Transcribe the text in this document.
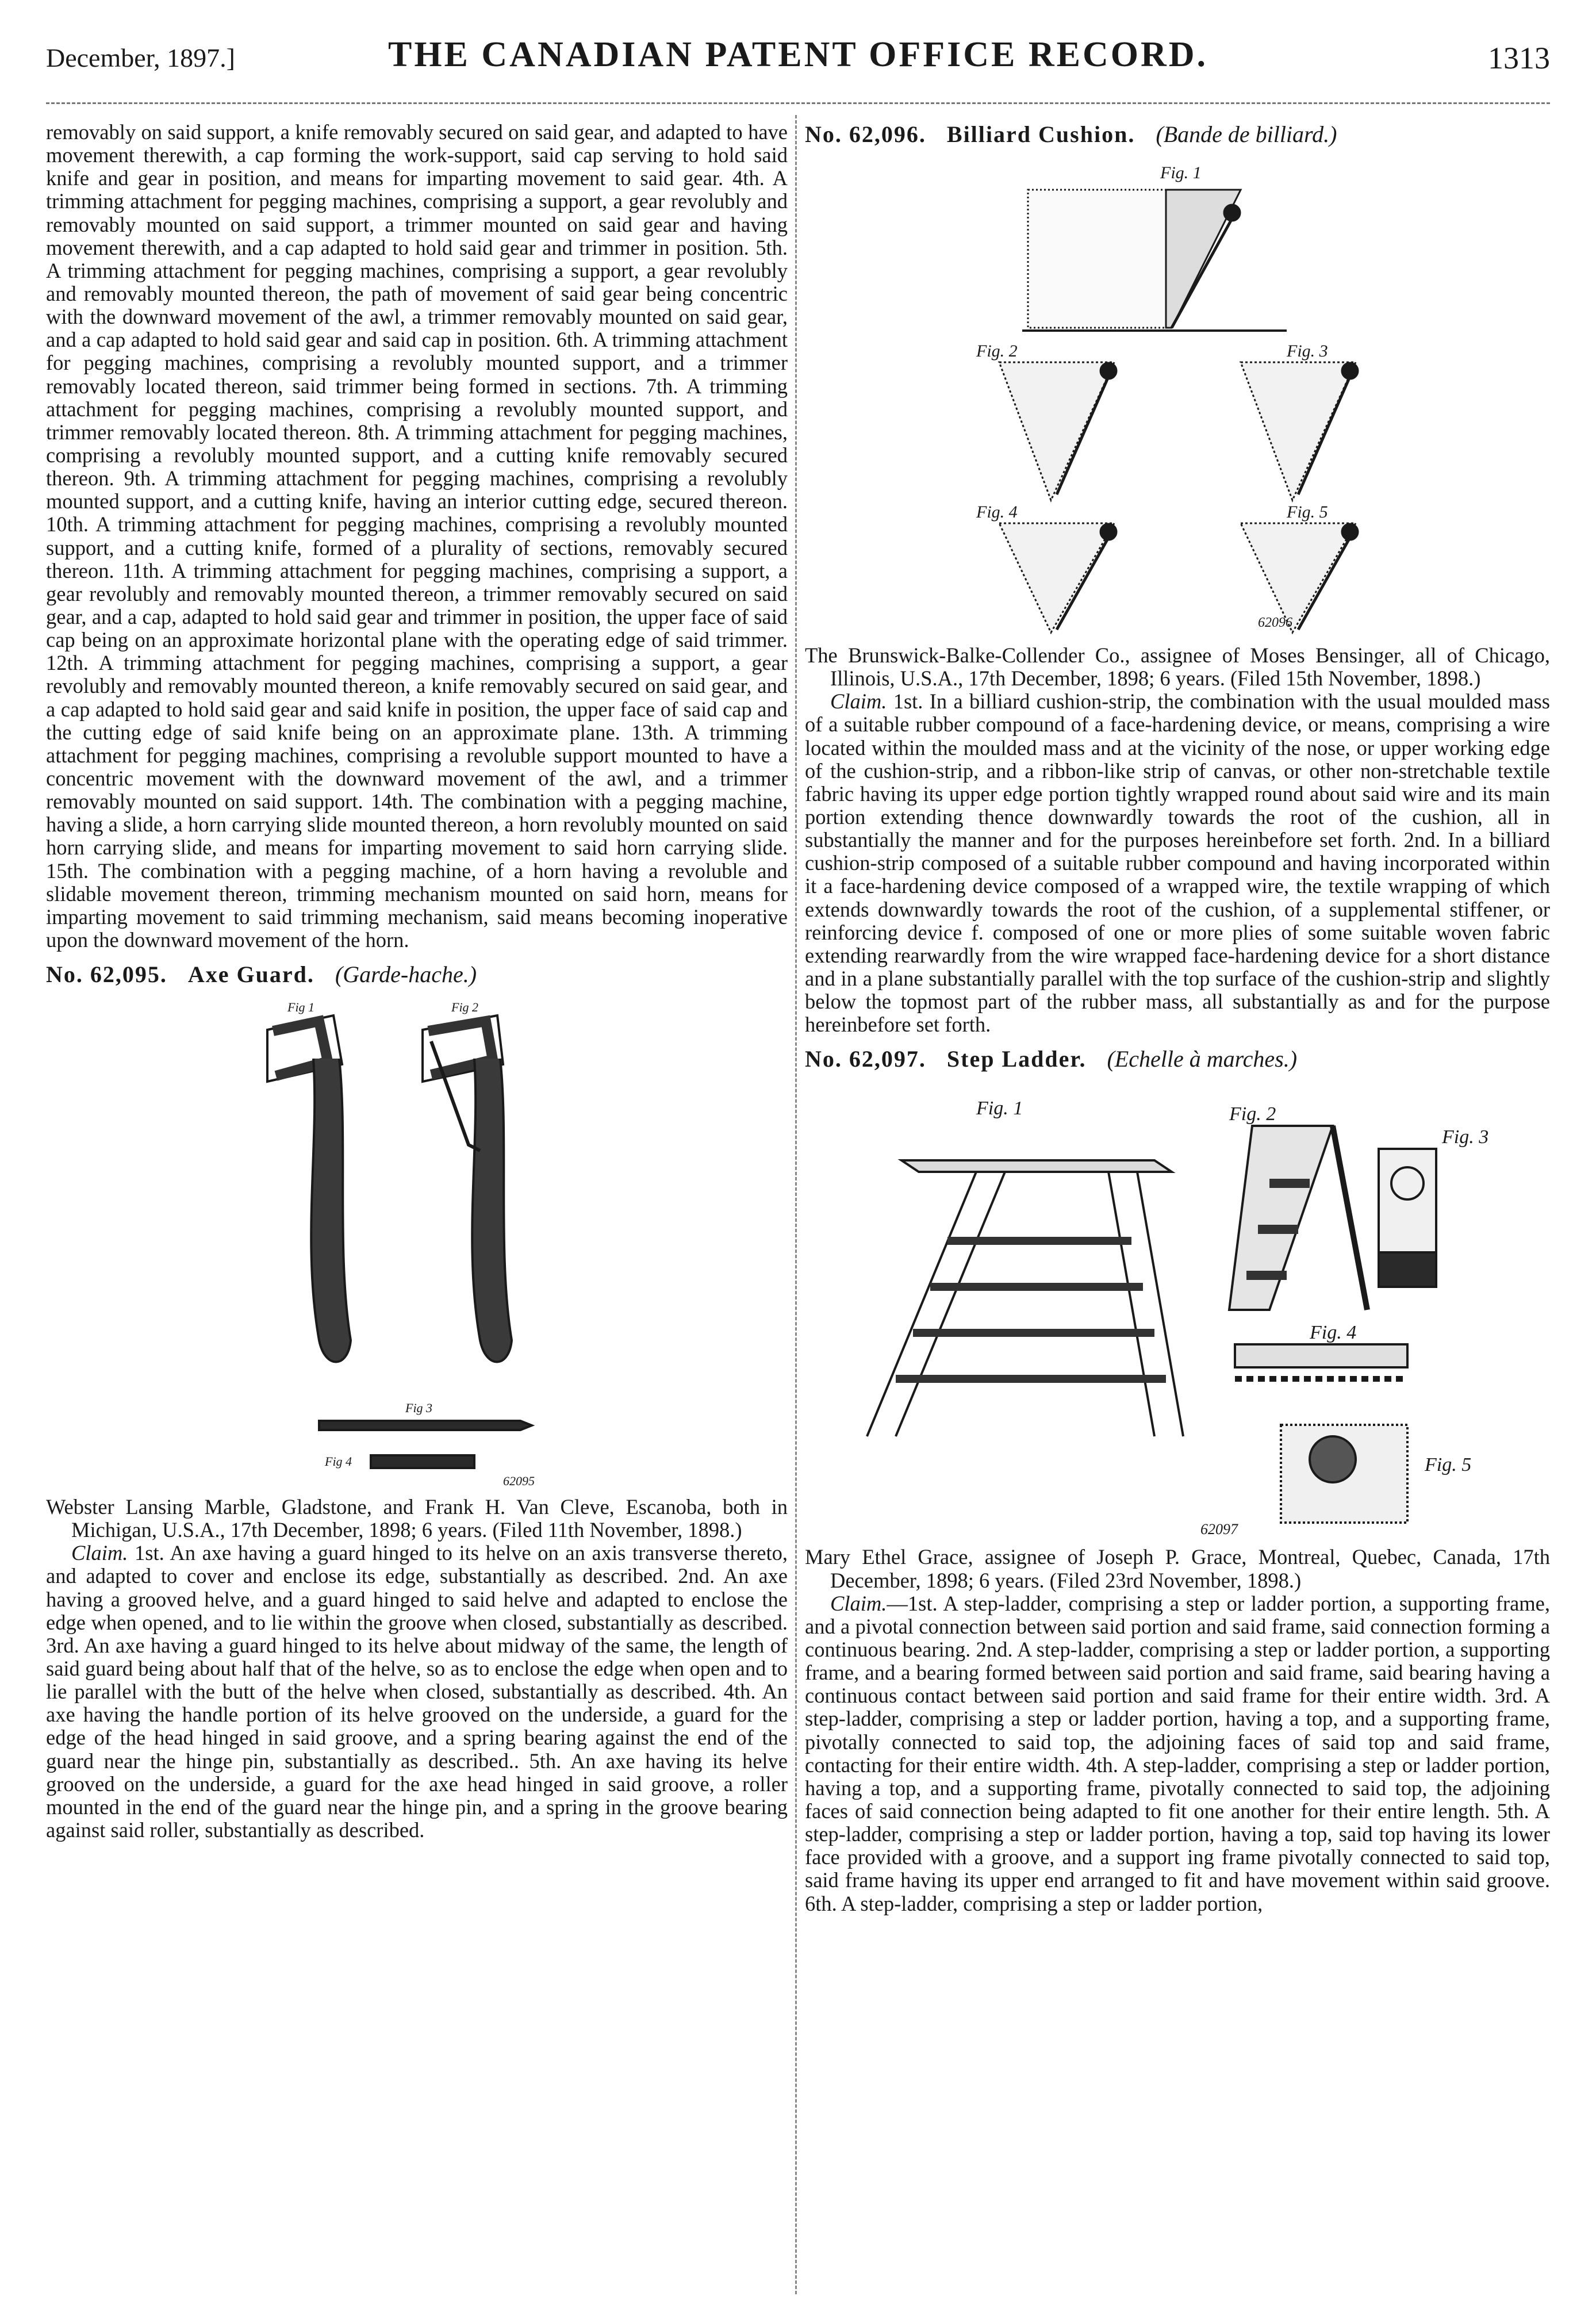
December, 1897.]	THE CANADIAN PATENT OFFICE RECORD.	1313

removably on said support, a knife removably secured on said gear, and adapted to have movement therewith, a cap forming the work-support, said cap serving to hold said knife and gear in position, and means for imparting movement to said gear. 4th. A trimming attachment for pegging machines, comprising a support, a gear revolubly and removably mounted on said support, a trimmer mounted on said gear and having movement therewith, and a cap adapted to hold said gear and trimmer in position. 5th. A trimming attachment for pegging machines, comprising a support, a gear revolubly and removably mounted thereon, the path of movement of said gear being concentric with the downward movement of the awl, a trimmer removably mounted on said gear, and a cap adapted to hold said gear and said cap in position. 6th. A trimming attachment for pegging machines, comprising a revolubly mounted support, and a trimmer removably located thereon, said trimmer being formed in sections. 7th. A trimming attachment for pegging machines, comprising a revolubly mounted support, and trimmer removably located thereon. 8th. A trimming attachment for pegging machines, comprising a revolubly mounted support, and a cutting knife removably secured thereon. 9th. A trimming attachment for pegging machines, comprising a revolubly mounted support, and a cutting knife, having an interior cutting edge, secured thereon. 10th. A trimming attachment for pegging machines, comprising a revolubly mounted support, and a cutting knife, formed of a plurality of sections, removably secured thereon. 11th. A trimming attachment for pegging machines, comprising a support, a gear revolubly and removably mounted thereon, a trimmer removably secured on said gear, and a cap, adapted to hold said gear and trimmer in position, the upper face of said cap being on an approximate horizontal plane with the operating edge of said trimmer. 12th. A trimming attachment for pegging machines, comprising a support, a gear revolubly and removably mounted thereon, a knife removably secured on said gear, and a cap adapted to hold said gear and said knife in position, the upper face of said cap and the cutting edge of said knife being on an approximate plane. 13th. A trimming attachment for pegging machines, comprising a revoluble support mounted to have a concentric movement with the downward movement of the awl, and a trimmer removably mounted on said support. 14th. The combination with a pegging machine, having a slide, a horn carrying slide mounted thereon, a horn revolubly mounted on said horn carrying slide, and means for imparting movement to said horn carrying slide. 15th. The combination with a pegging machine, of a horn having a revoluble and slidable movement thereon, trimming mechanism mounted on said horn, means for imparting movement to said trimming mechanism, said means becoming inoperative upon the downward movement of the horn.

No. 62,095. Axe Guard. (Garde-hache.)
Fig 1	Fig 2
Fig 3
Fig 4
62095

Webster Lansing Marble, Gladstone, and Frank H. Van Cleve, Escanoba, both in Michigan, U.S.A., 17th December, 1898; 6 years. (Filed 11th November, 1898.)

Claim. 1st. An axe having a guard hinged to its helve on an axis transverse thereto, and adapted to cover and enclose its edge, substantially as described. 2nd. An axe having a grooved helve, and a guard hinged to said helve and adapted to enclose the edge when opened, and to lie within the groove when closed, substantially as described. 3rd. An axe having a guard hinged to its helve about midway of the same, the length of said guard being about half that of the helve, so as to enclose the edge when open and to lie parallel with the butt of the helve when closed, substantially as described. 4th. An axe having the handle portion of its helve grooved on the underside, a guard for the edge of the head hinged in said groove, and a spring bearing against the end of the guard near the hinge pin, substantially as described.. 5th. An axe having its helve grooved on the underside, a guard for the axe head hinged in said groove, a roller mounted in the end of the guard near the hinge pin, and a spring in the groove bearing against said roller, substantially as described.

No. 62,096. Billiard Cushion. (Bande de billiard.)
Fig. 1
Fig. 2	Fig. 3
Fig. 4	Fig. 5
62096

The Brunswick-Balke-Collender Co., assignee of Moses Bensinger, all of Chicago, Illinois, U.S.A., 17th December, 1898; 6 years. (Filed 15th November, 1898.)

Claim. 1st. In a billiard cushion-strip, the combination with the usual moulded mass of a suitable rubber compound of a face-hardening device, or means, comprising a wire located within the moulded mass and at the vicinity of the nose, or upper working edge of the cushion-strip, and a ribbon-like strip of canvas, or other non-stretchable textile fabric having its upper edge portion tightly wrapped round about said wire and its main portion extending thence downwardly towards the root of the cushion, all in substantially the manner and for the purposes hereinbefore set forth. 2nd. In a billiard cushion-strip composed of a suitable rubber compound and having incorporated within it a face-hardening device composed of a wrapped wire, the textile wrapping of which extends downwardly towards the root of the cushion, of a supplemental stiffener, or reinforcing device f. composed of one or more plies of some suitable woven fabric extending rearwardly from the wire wrapped face-hardening device for a short distance and in a plane substantially parallel with the top surface of the cushion-strip and slightly below the topmost part of the rubber mass, all substantially as and for the purpose hereinbefore set forth.

No. 62,097. Step Ladder. (Echelle à marches.)
Fig. 1	Fig. 2
Fig. 3
Fig. 4
Fig. 5
62097

Mary Ethel Grace, assignee of Joseph P. Grace, Montreal, Quebec, Canada, 17th December, 1898; 6 years. (Filed 23rd November, 1898.)

Claim.—1st. A step-ladder, comprising a step or ladder portion, a supporting frame, and a pivotal connection between said portion and said frame, said connection forming a continuous bearing. 2nd. A step-ladder, comprising a step or ladder portion, a supporting frame, and a bearing formed between said portion and said frame, said bearing having a continuous contact between said portion and said frame for their entire width. 3rd. A step-ladder, comprising a step or ladder portion, having a top, and a supporting frame, pivotally connected to said top, the adjoining faces of said top and said frame, contacting for their entire width. 4th. A step-ladder, comprising a step or ladder portion, having a top, and a supporting frame, pivotally connected to said top, the adjoining faces of said connection being adapted to fit one another for their entire length. 5th. A step-ladder, comprising a step or ladder portion, having a top, said top having its lower face provided with a groove, and a support ing frame pivotally connected to said top, said frame having its upper end arranged to fit and have movement within said groove. 6th. A step-ladder, comprising a step or ladder portion,
